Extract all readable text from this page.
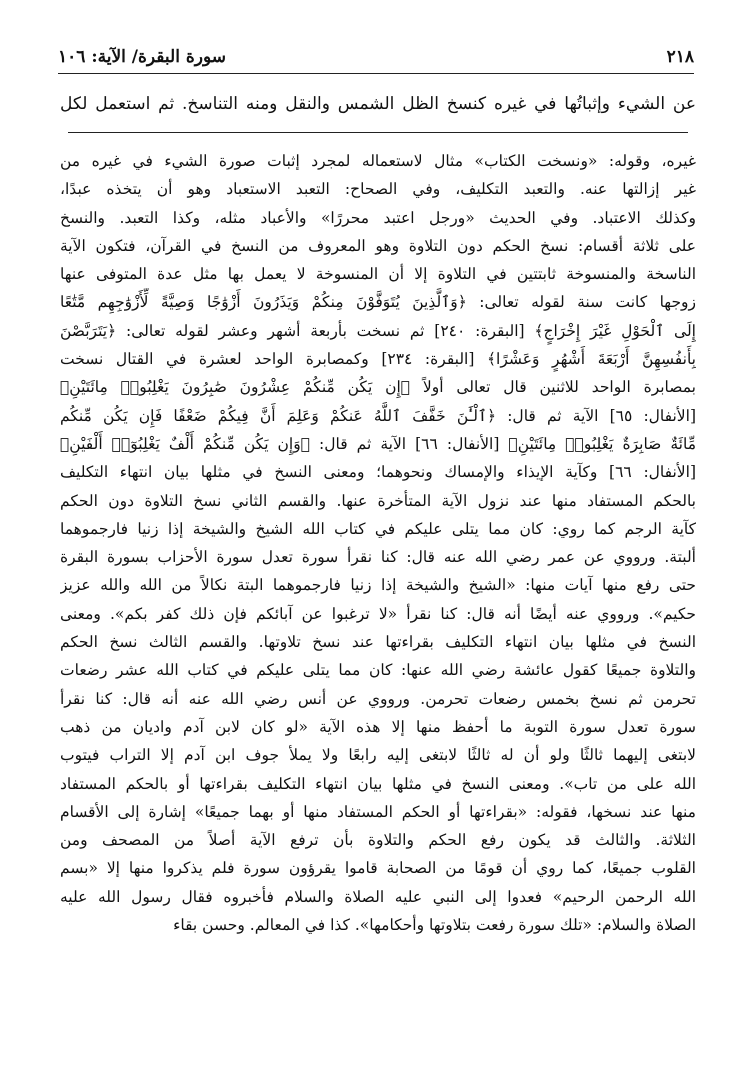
٢١٨
سورة البقرة/ الآية: ١٠٦
عن الشيء وإثباتُها في غيره كنسخ الظل الشمس والنقل ومنه التناسخ. ثم استعمل لكل
غيره، وقوله: «ونسخت الكتاب» مثال لاستعماله لمجرد إثبات صورة الشيء في غيره من
غير إزالتها عنه. والتعبد التكليف، وفي الصحاح: التعبد الاستعباد وهو أن يتخذه عبدًا،
وكذلك الاعتباد. وفي الحديث «ورجل اعتبد محررًا» والأعباد مثله، وكذا التعبد. والنسخ
على ثلاثة أقسام: نسخ الحكم دون التلاوة وهو المعروف من النسخ في القرآن، فتكون الآية
الناسخة والمنسوخة ثابتتين في التلاوة إلا أن المنسوخة لا يعمل بها مثل عدة المتوفى عنها
زوجها كانت سنة لقوله تعالى: ﴿وَٱلَّذِينَ يُتَوَفَّوْنَ مِنكُمْ وَيَذَرُونَ أَزْوَٰجًا وَصِيَّةً لِّأَزْوَٰجِهِم مَّتَٰعًا
إِلَى ٱلْحَوْلِ غَيْرَ إِخْرَاجٍ﴾ [البقرة: ٢٤٠] ثم نسخت بأربعة أشهر وعشر لقوله تعالى: ﴿يَتَرَبَّصْنَ
بِأَنفُسِهِنَّ أَرْبَعَةَ أَشْهُرٍ وَعَشْرًا﴾ [البقرة: ٢٣٤] وكمصابرة الواحد لعشرة في القتال نسخت
بمصابرة الواحد للاثنين قال تعالى أولاً ﴿إِن يَكُن مِّنكُمْ عِشْرُونَ صَٰبِرُونَ يَغْلِبُوا۟ مِائَتَيْنِ﴾
[الأنفال: ٦٥] الآية ثم قال: ﴿ٱلْـَٰٔنَ خَفَّفَ ٱللَّهُ عَنكُمْ وَعَلِمَ أَنَّ فِيكُمْ ضَعْفًا فَإِن يَكُن مِّنكُم
مِّائَةٌ صَابِرَةٌ يَغْلِبُوا۟ مِائَتَيْنِ﴾ [الأنفال: ٦٦] الآية ثم قال: ﴿وَإِن يَكُن مِّنكُمْ أَلْفٌ يَغْلِبُوٓا۟ أَلْفَيْنِ﴾
[الأنفال: ٦٦] وكآية الإيذاء والإمساك ونحوهما؛ ومعنى النسخ في مثلها بيان انتهاء التكليف
بالحكم المستفاد منها عند نزول الآية المتأخرة عنها. والقسم الثاني نسخ التلاوة دون الحكم
كآية الرجم كما روي: كان مما يتلى عليكم في كتاب الله الشيخ والشيخة إذا زنيا فارجموهما
ألبتة. ورووي عن عمر رضي الله عنه قال: كنا نقرأ سورة تعدل سورة الأحزاب بسورة البقرة
حتى رفع منها آيات منها: «الشيخ والشيخة إذا زنيا فارجموهما البتة نكالاً من الله والله عزيز
حكيم». ورووي عنه أيضًا أنه قال: كنا نقرأ «لا ترغبوا عن آبائكم فإن ذلك كفر بكم». ومعنى
النسخ في مثلها بيان انتهاء التكليف بقراءتها عند نسخ تلاوتها. والقسم الثالث نسخ الحكم
والتلاوة جميعًا كقول عائشة رضي الله عنها: كان مما يتلى عليكم في كتاب الله عشر رضعات
تحرمن ثم نسخ بخمس رضعات تحرمن. ورووي عن أنس رضي الله عنه أنه قال: كنا نقرأ
سورة تعدل سورة التوبة ما أحفظ منها إلا هذه الآية «لو كان لابن آدم واديان من ذهب
لابتغى إليهما ثالثًا ولو أن له ثالثًا لابتغى إليه رابعًا ولا يملأ جوف ابن آدم إلا التراب فيتوب
الله على من تاب». ومعنى النسخ في مثلها بيان انتهاء التكليف بقراءتها أو بالحكم المستفاد
منها عند نسخها، فقوله: «بقراءتها أو الحكم المستفاد منها أو بهما جميعًا» إشارة إلى الأقسام
الثلاثة. والثالث قد يكون رفع الحكم والتلاوة بأن ترفع الآية أصلاً من المصحف ومن
القلوب جميعًا، كما روي أن قومًا من الصحابة قاموا يقرؤون سورة فلم يذكروا منها إلا «بسم
الله الرحمن الرحيم» فعدوا إلى النبي عليه الصلاة والسلام فأخبروه فقال رسول الله عليه
الصلاة والسلام: «تلك سورة رفعت بتلاوتها وأحكامها». كذا في المعالم. وحسن بقاء
